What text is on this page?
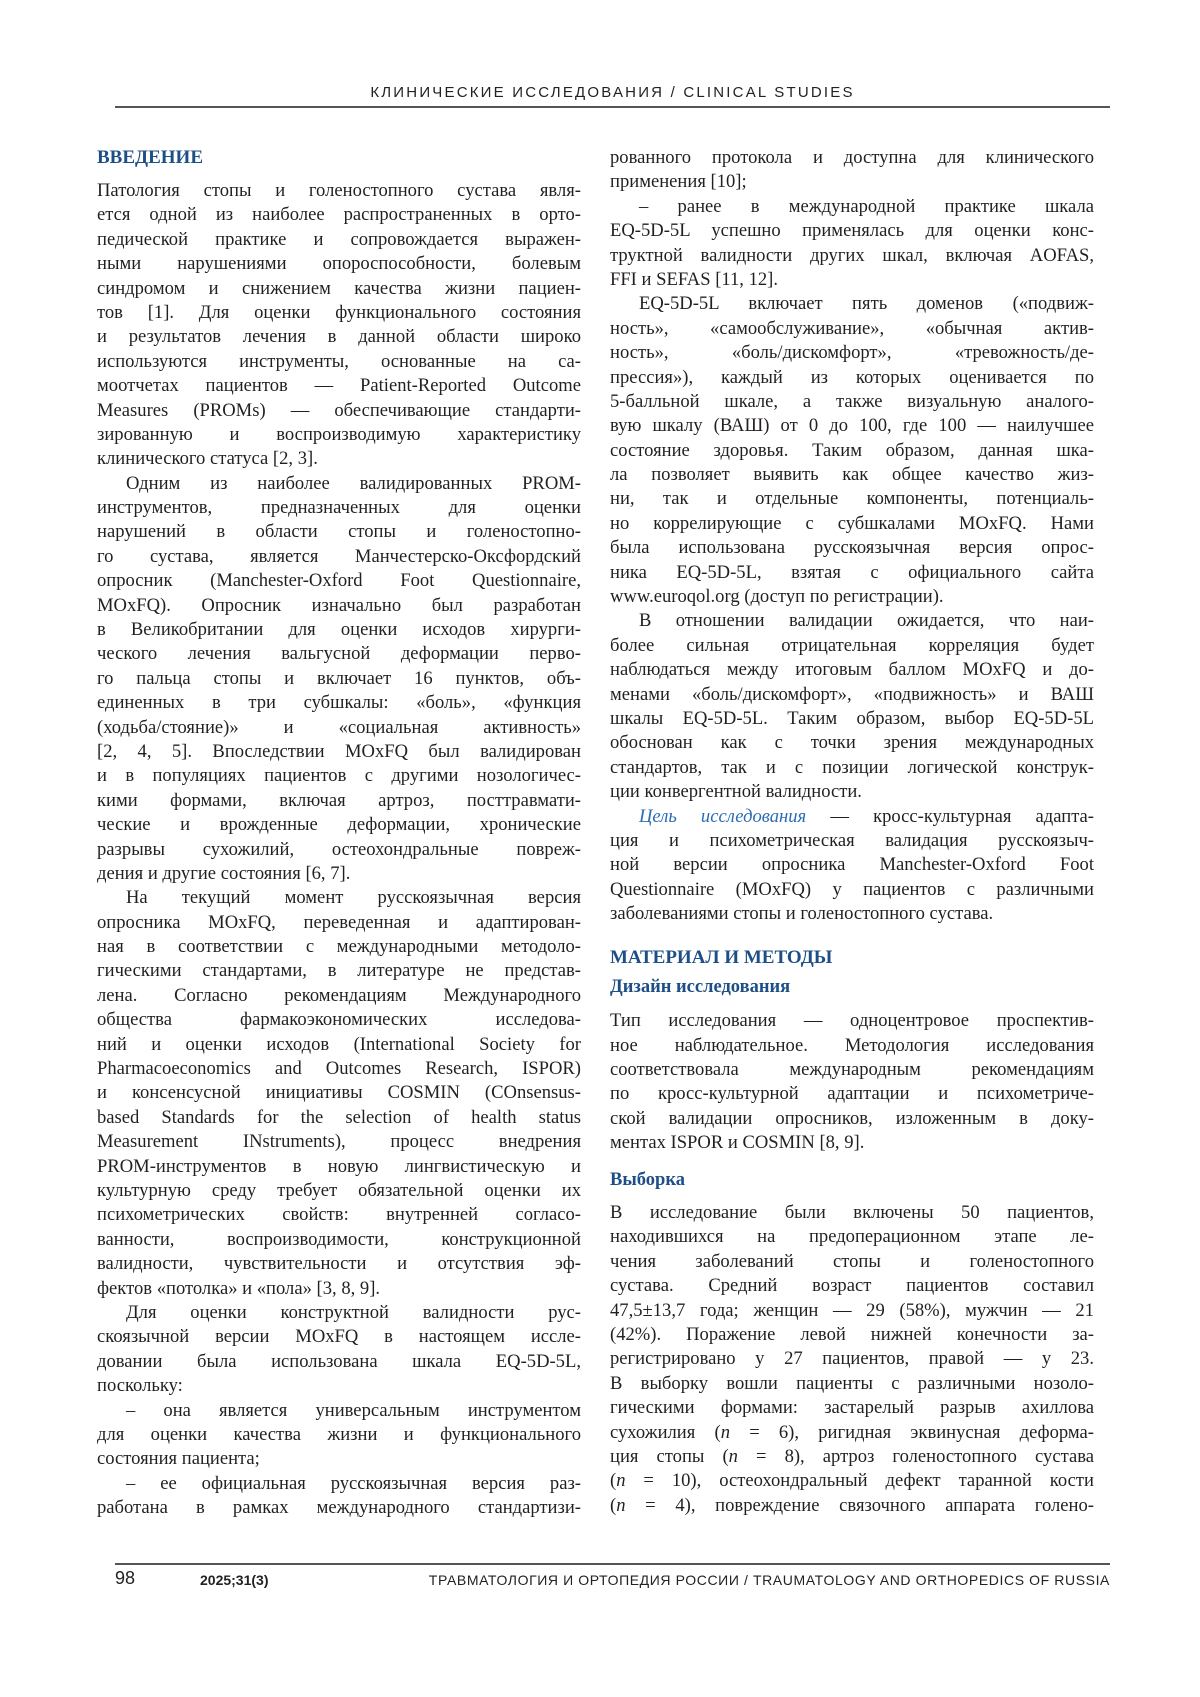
КЛИНИЧЕСКИЕ ИССЛЕДОВАНИЯ / CLINICAL STUDIES
ВВЕДЕНИЕ
Патология стопы и голеностопного сустава явля-
ется одной из наиболее распространенных в орто-
педической практике и сопровождается выражен-
ными нарушениями опороспособности, болевым
синдромом и снижением качества жизни пациен-
тов [1]. Для оценки функционального состояния
и результатов лечения в данной области широко
используются инструменты, основанные на са-
моотчетах пациентов — Patient-Reported Outcome
Measures (PROMs) — обеспечивающие стандарти-
зированную и воспроизводимую характеристику
клинического статуса [2, 3].
Одним из наиболее валидированных PROM-
инструментов, предназначенных для оценки
нарушений в области стопы и голеностопно-
го сустава, является Манчестерско-Оксфордский
опросник (Manchester-Oxford Foot Questionnaire,
MOxFQ). Опросник изначально был разработан
в Великобритании для оценки исходов хирурги-
ческого лечения вальгусной деформации перво-
го пальца стопы и включает 16 пунктов, объ-
единенных в три субшкалы: «боль», «функция
(ходьба/стояние)» и «социальная активность»
[2, 4, 5]. Впоследствии MOxFQ был валидирован
и в популяциях пациентов с другими нозологичес-
кими формами, включая артроз, посттравмати-
ческие и врожденные деформации, хронические
разрывы сухожилий, остеохондральные повреж-
дения и другие состояния [6, 7].
На текущий момент русскоязычная версия
опросника MOxFQ, переведенная и адаптирован-
ная в соответствии с международными методоло-
гическими стандартами, в литературе не представ-
лена. Согласно рекомендациям Международного
общества фармакоэкономических исследова-
ний и оценки исходов (International Society for
Pharmacoeconomics and Outcomes Research, ISPOR)
и консенсусной инициативы COSMIN (COnsensus-
based Standards for the selection of health status
Measurement INstruments), процесс внедрения
PROM-инструментов в новую лингвистическую и
культурную среду требует обязательной оценки их
психометрических свойств: внутренней согласо-
ванности, воспроизводимости, конструкционной
валидности, чувствительности и отсутствия эф-
фектов «потолка» и «пола» [3, 8, 9].
Для оценки конструктной валидности рус-
скоязычной версии MOxFQ в настоящем иссле-
довании была использована шкала EQ-5D-5L,
поскольку:
– она является универсальным инструментом
для оценки качества жизни и функционального
состояния пациента;
– ее официальная русскоязычная версия раз-
работана в рамках международного стандартизи-
рованного протокола и доступна для клинического
применения [10];
– ранее в международной практике шкала
EQ-5D-5L успешно применялась для оценки конс-
труктной валидности других шкал, включая AOFAS,
FFI и SEFAS [11, 12].
EQ-5D-5L включает пять доменов («подвиж-
ность», «самообслуживание», «обычная актив-
ность», «боль/дискомфорт», «тревожность/де-
прессия»), каждый из которых оценивается по
5-балльной шкале, а также визуальную аналого-
вую шкалу (ВАШ) от 0 до 100, где 100 — наилучшее
состояние здоровья. Таким образом, данная шка-
ла позволяет выявить как общее качество жиз-
ни, так и отдельные компоненты, потенциаль-
но коррелирующие с субшкалами MOxFQ. Нами
была использована русскоязычная версия опрос-
ника EQ-5D-5L, взятая с официального сайта
www.euroqol.org (доступ по регистрации).
В отношении валидации ожидается, что наи-
более сильная отрицательная корреляция будет
наблюдаться между итоговым баллом MOxFQ и до-
менами «боль/дискомфорт», «подвижность» и ВАШ
шкалы EQ-5D-5L. Таким образом, выбор EQ-5D-5L
обоснован как с точки зрения международных
стандартов, так и с позиции логической конструк-
ции конвергентной валидности.
Цель исследования — кросс-культурная адапта-
ция и психометрическая валидация русскоязыч-
ной версии опросника Manchester-Oxford Foot
Questionnaire (MOxFQ) у пациентов с различными
заболеваниями стопы и голеностопного сустава.
МАТЕРИАЛ И МЕТОДЫ
Дизайн исследования
Тип исследования — одноцентровое проспектив-
ное наблюдательное. Методология исследования
соответствовала международным рекомендациям
по кросс-культурной адаптации и психометриче-
ской валидации опросников, изложенным в доку-
ментах ISPOR и COSMIN [8, 9].
Выборка
В исследование были включены 50 пациентов,
находившихся на предоперационном этапе ле-
чения заболеваний стопы и голеностопного
сустава. Средний возраст пациентов составил
47,5±13,7 года; женщин — 29 (58%), мужчин — 21
(42%). Поражение левой нижней конечности за-
регистрировано у 27 пациентов, правой — у 23.
В выборку вошли пациенты с различными нозоло-
гическими формами: застарелый разрыв ахиллова
сухожилия (n = 6), ригидная эквинусная деформа-
ция стопы (n = 8), артроз голеностопного сустава
(n = 10), остеохондральный дефект таранной кости
(n = 4), повреждение связочного аппарата голено-
98	2025;31(3)	ТРАВМАТОЛОГИЯ И ОРТОПЕДИЯ РОССИИ / TRAUMATOLOGY AND ORTHOPEDICS OF RUSSIA
